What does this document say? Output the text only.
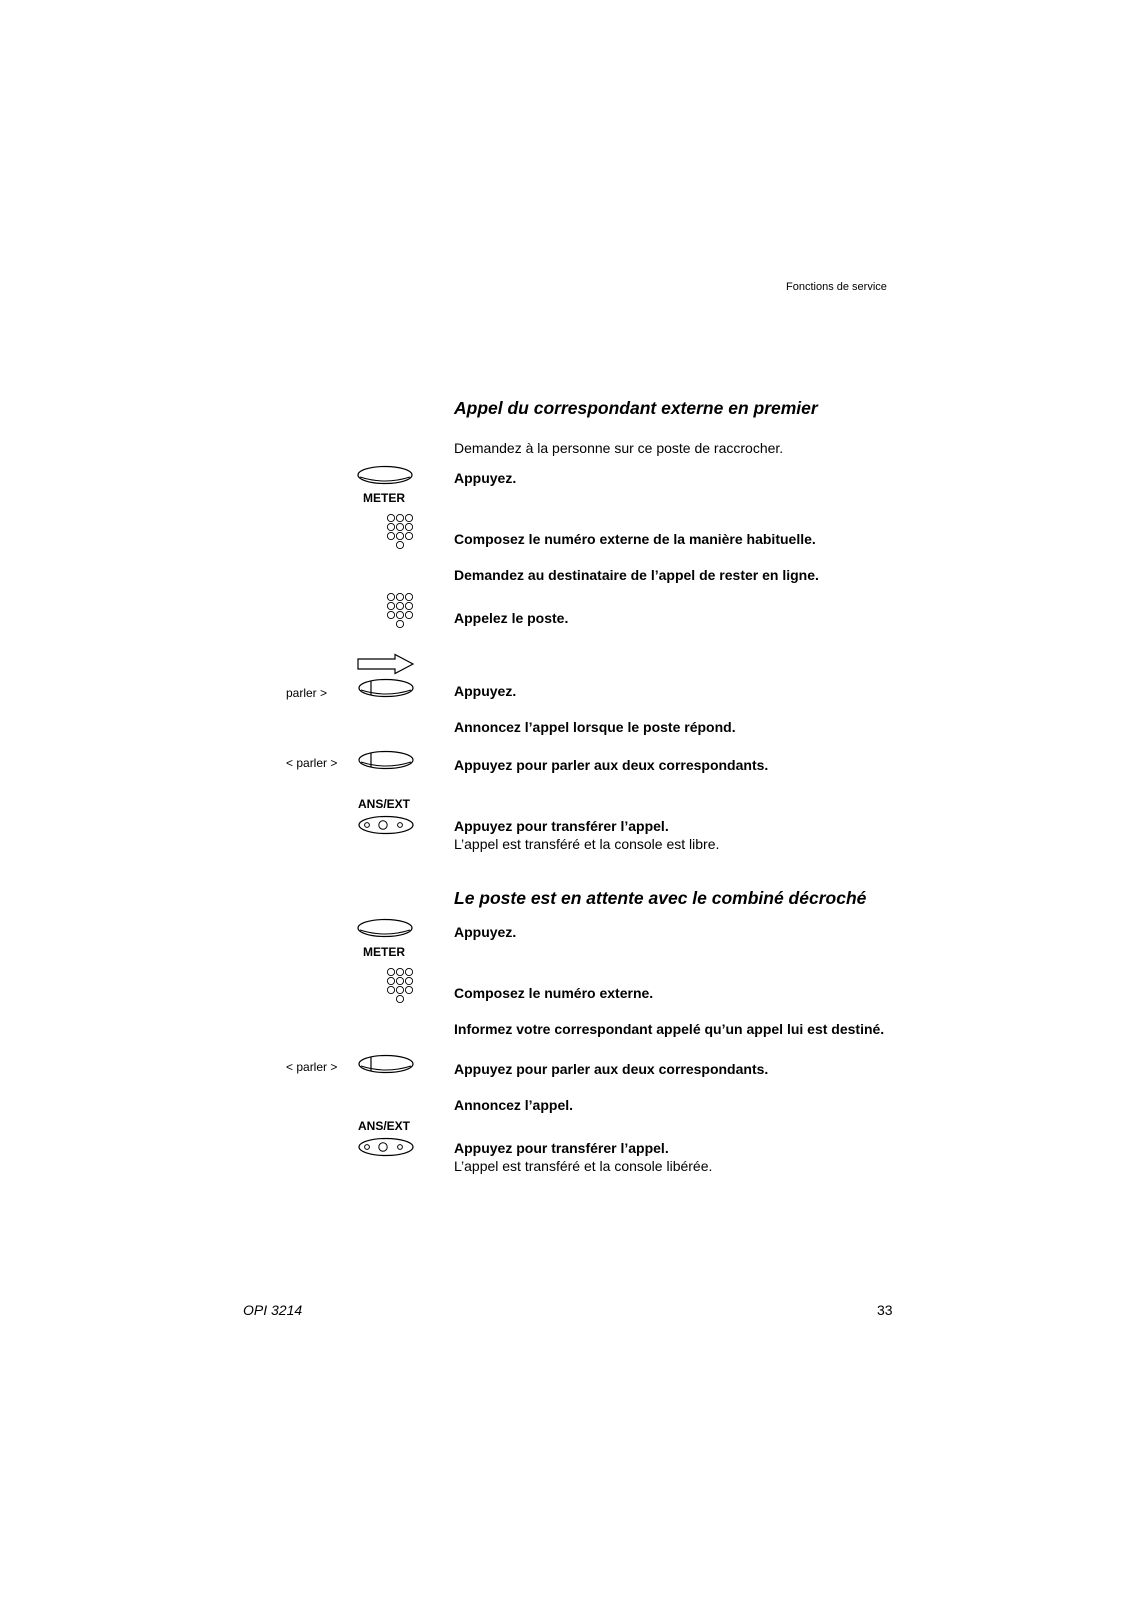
Fonctions de service
Appel du correspondant externe en premier
Demandez à la personne sur ce poste de raccrocher.
METER
Appuyez.
Composez le numéro externe de la manière habituelle.
Demandez au destinataire de l’appel de rester en ligne.
Appelez le poste.
parler >	Appuyez.
Annoncez l’appel lorsque le poste répond.
< parler >	Appuyez pour parler aux deux correspondants.
ANS/EXT
Appuyez pour transférer l’appel.
L’appel est transféré et la console est libre.
Le poste est en attente avec le combiné décroché
METER
Appuyez.
Composez le numéro externe.
Informez votre correspondant appelé qu’un appel lui est destiné.
< parler >	Appuyez pour parler aux deux correspondants.
Annoncez l’appel.
ANS/EXT
Appuyez pour transférer l’appel.
L’appel est transféré et la console libérée.
OPI 3214	33
